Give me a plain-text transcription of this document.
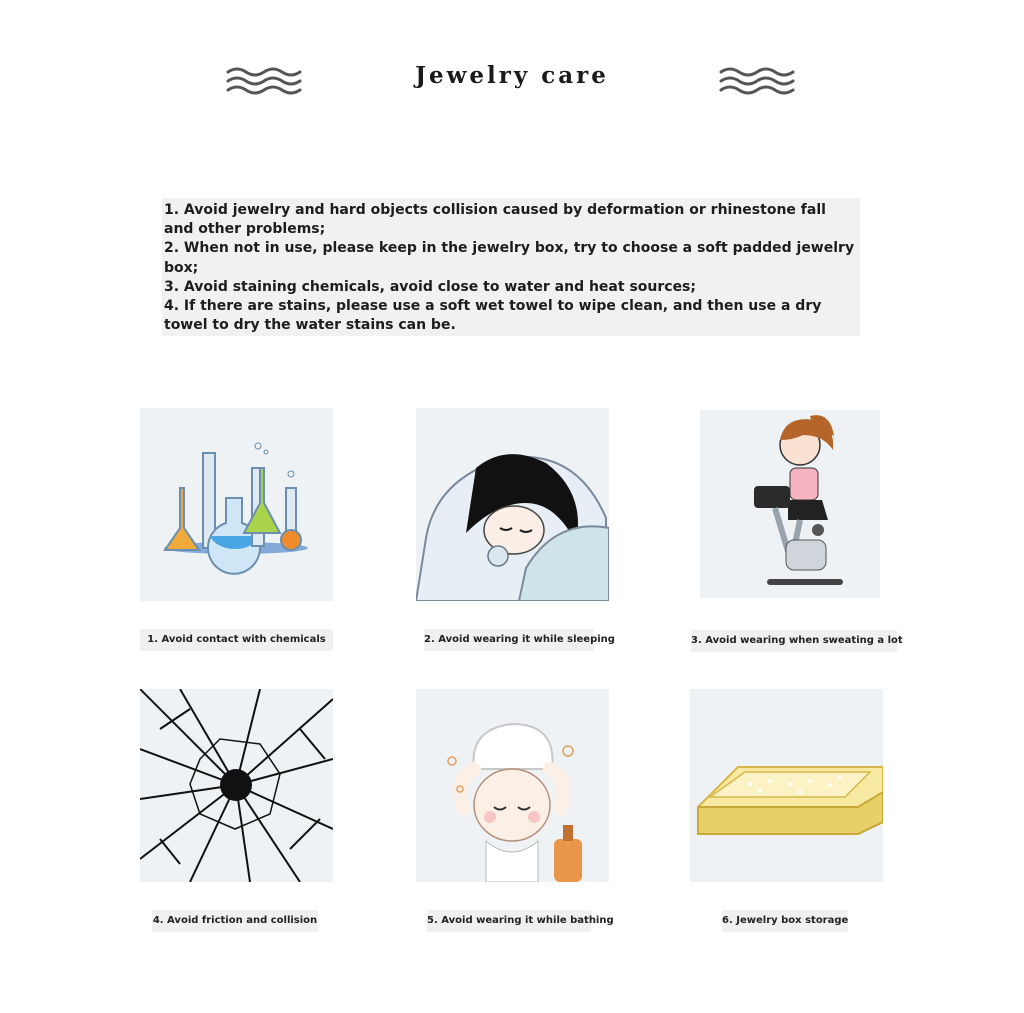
Jewelry care

1. Avoid jewelry and hard objects collision caused by deformation or rhinestone fall and other problems;

2. When not in use, please keep in the jewelry box, try to choose a soft padded jewelry box;

3. Avoid staining chemicals, avoid close to water and heat sources;

4. If there are stains, please use a soft wet towel to wipe clean, and then use a dry towel to dry the water stains can be.

1. Avoid contact with chemicals	2. Avoid wearing it while sleeping	3. Avoid wearing when sweating a lot
4. Avoid friction and collision	5. Avoid wearing it while bathing	6. Jewelry box storage
